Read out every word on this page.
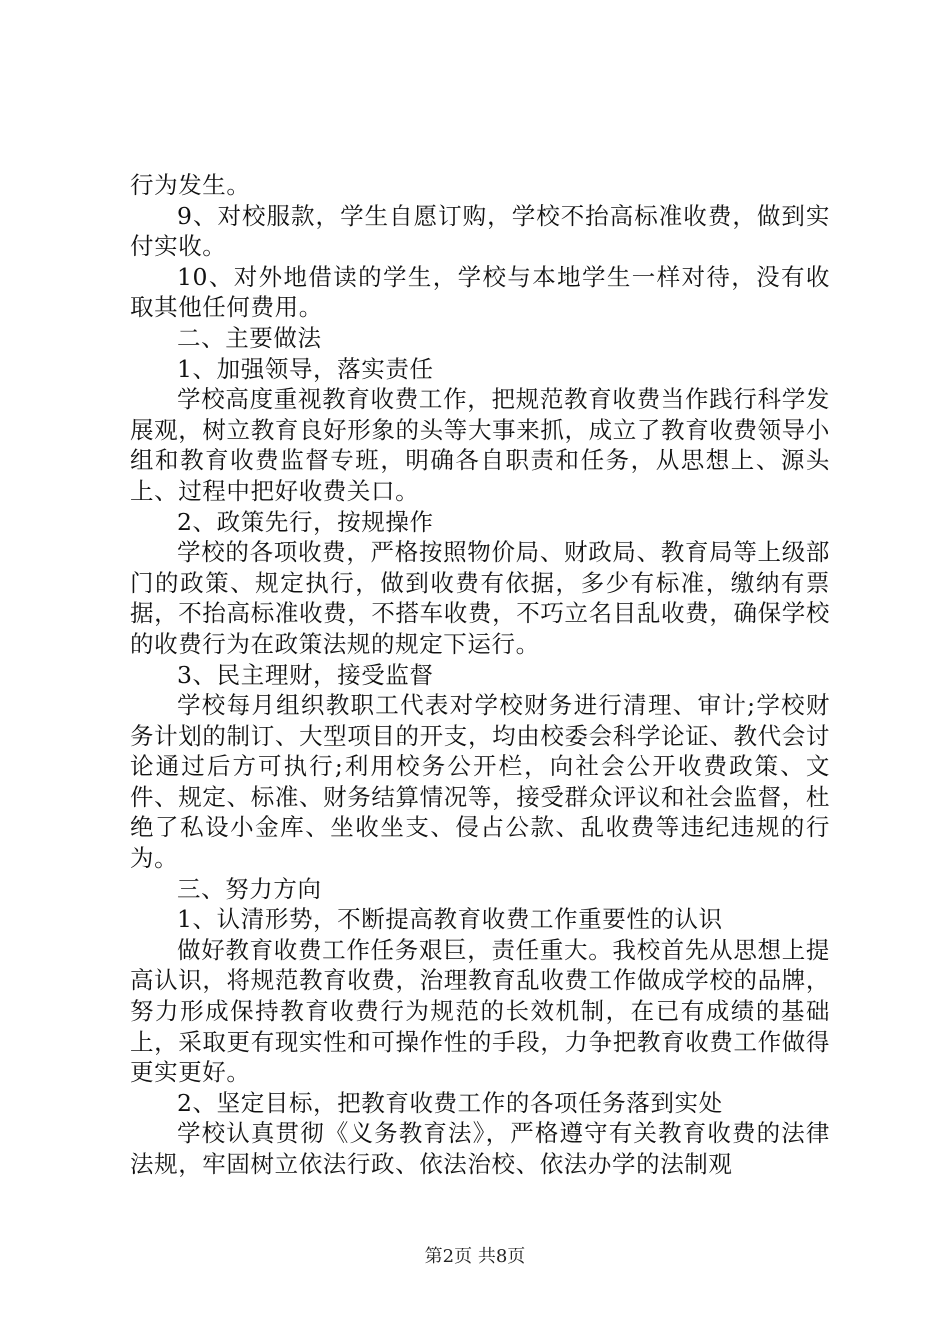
行为发生。

9、对校服款，学生自愿订购，学校不抬高标准收费，做到实付实收。

10、对外地借读的学生，学校与本地学生一样对待，没有收取其他任何费用。

二、主要做法

1、加强领导，落实责任

学校高度重视教育收费工作，把规范教育收费当作践行科学发展观，树立教育良好形象的头等大事来抓，成立了教育收费领导小组和教育收费监督专班，明确各自职责和任务，从思想上、源头上、过程中把好收费关口。

2、政策先行，按规操作

学校的各项收费，严格按照物价局、财政局、教育局等上级部门的政策、规定执行，做到收费有依据，多少有标准，缴纳有票据，不抬高标准收费，不搭车收费，不巧立名目乱收费，确保学校的收费行为在政策法规的规定下运行。

3、民主理财，接受监督

学校每月组织教职工代表对学校财务进行清理、审计;学校财务计划的制订、大型项目的开支，均由校委会科学论证、教代会讨论通过后方可执行;利用校务公开栏，向社会公开收费政策、文件、规定、标准、财务结算情况等，接受群众评议和社会监督，杜绝了私设小金库、坐收坐支、侵占公款、乱收费等违纪违规的行为。

三、努力方向

1、认清形势，不断提高教育收费工作重要性的认识

做好教育收费工作任务艰巨，责任重大。我校首先从思想上提高认识，将规范教育收费，治理教育乱收费工作做成学校的品牌，努力形成保持教育收费行为规范的长效机制，在已有成绩的基础上，采取更有现实性和可操作性的手段，力争把教育收费工作做得更实更好。

2、坚定目标，把教育收费工作的各项任务落到实处

学校认真贯彻《义务教育法》，严格遵守有关教育收费的法律法规，牢固树立依法行政、依法治校、依法办学的法制观

第2页 共8页
